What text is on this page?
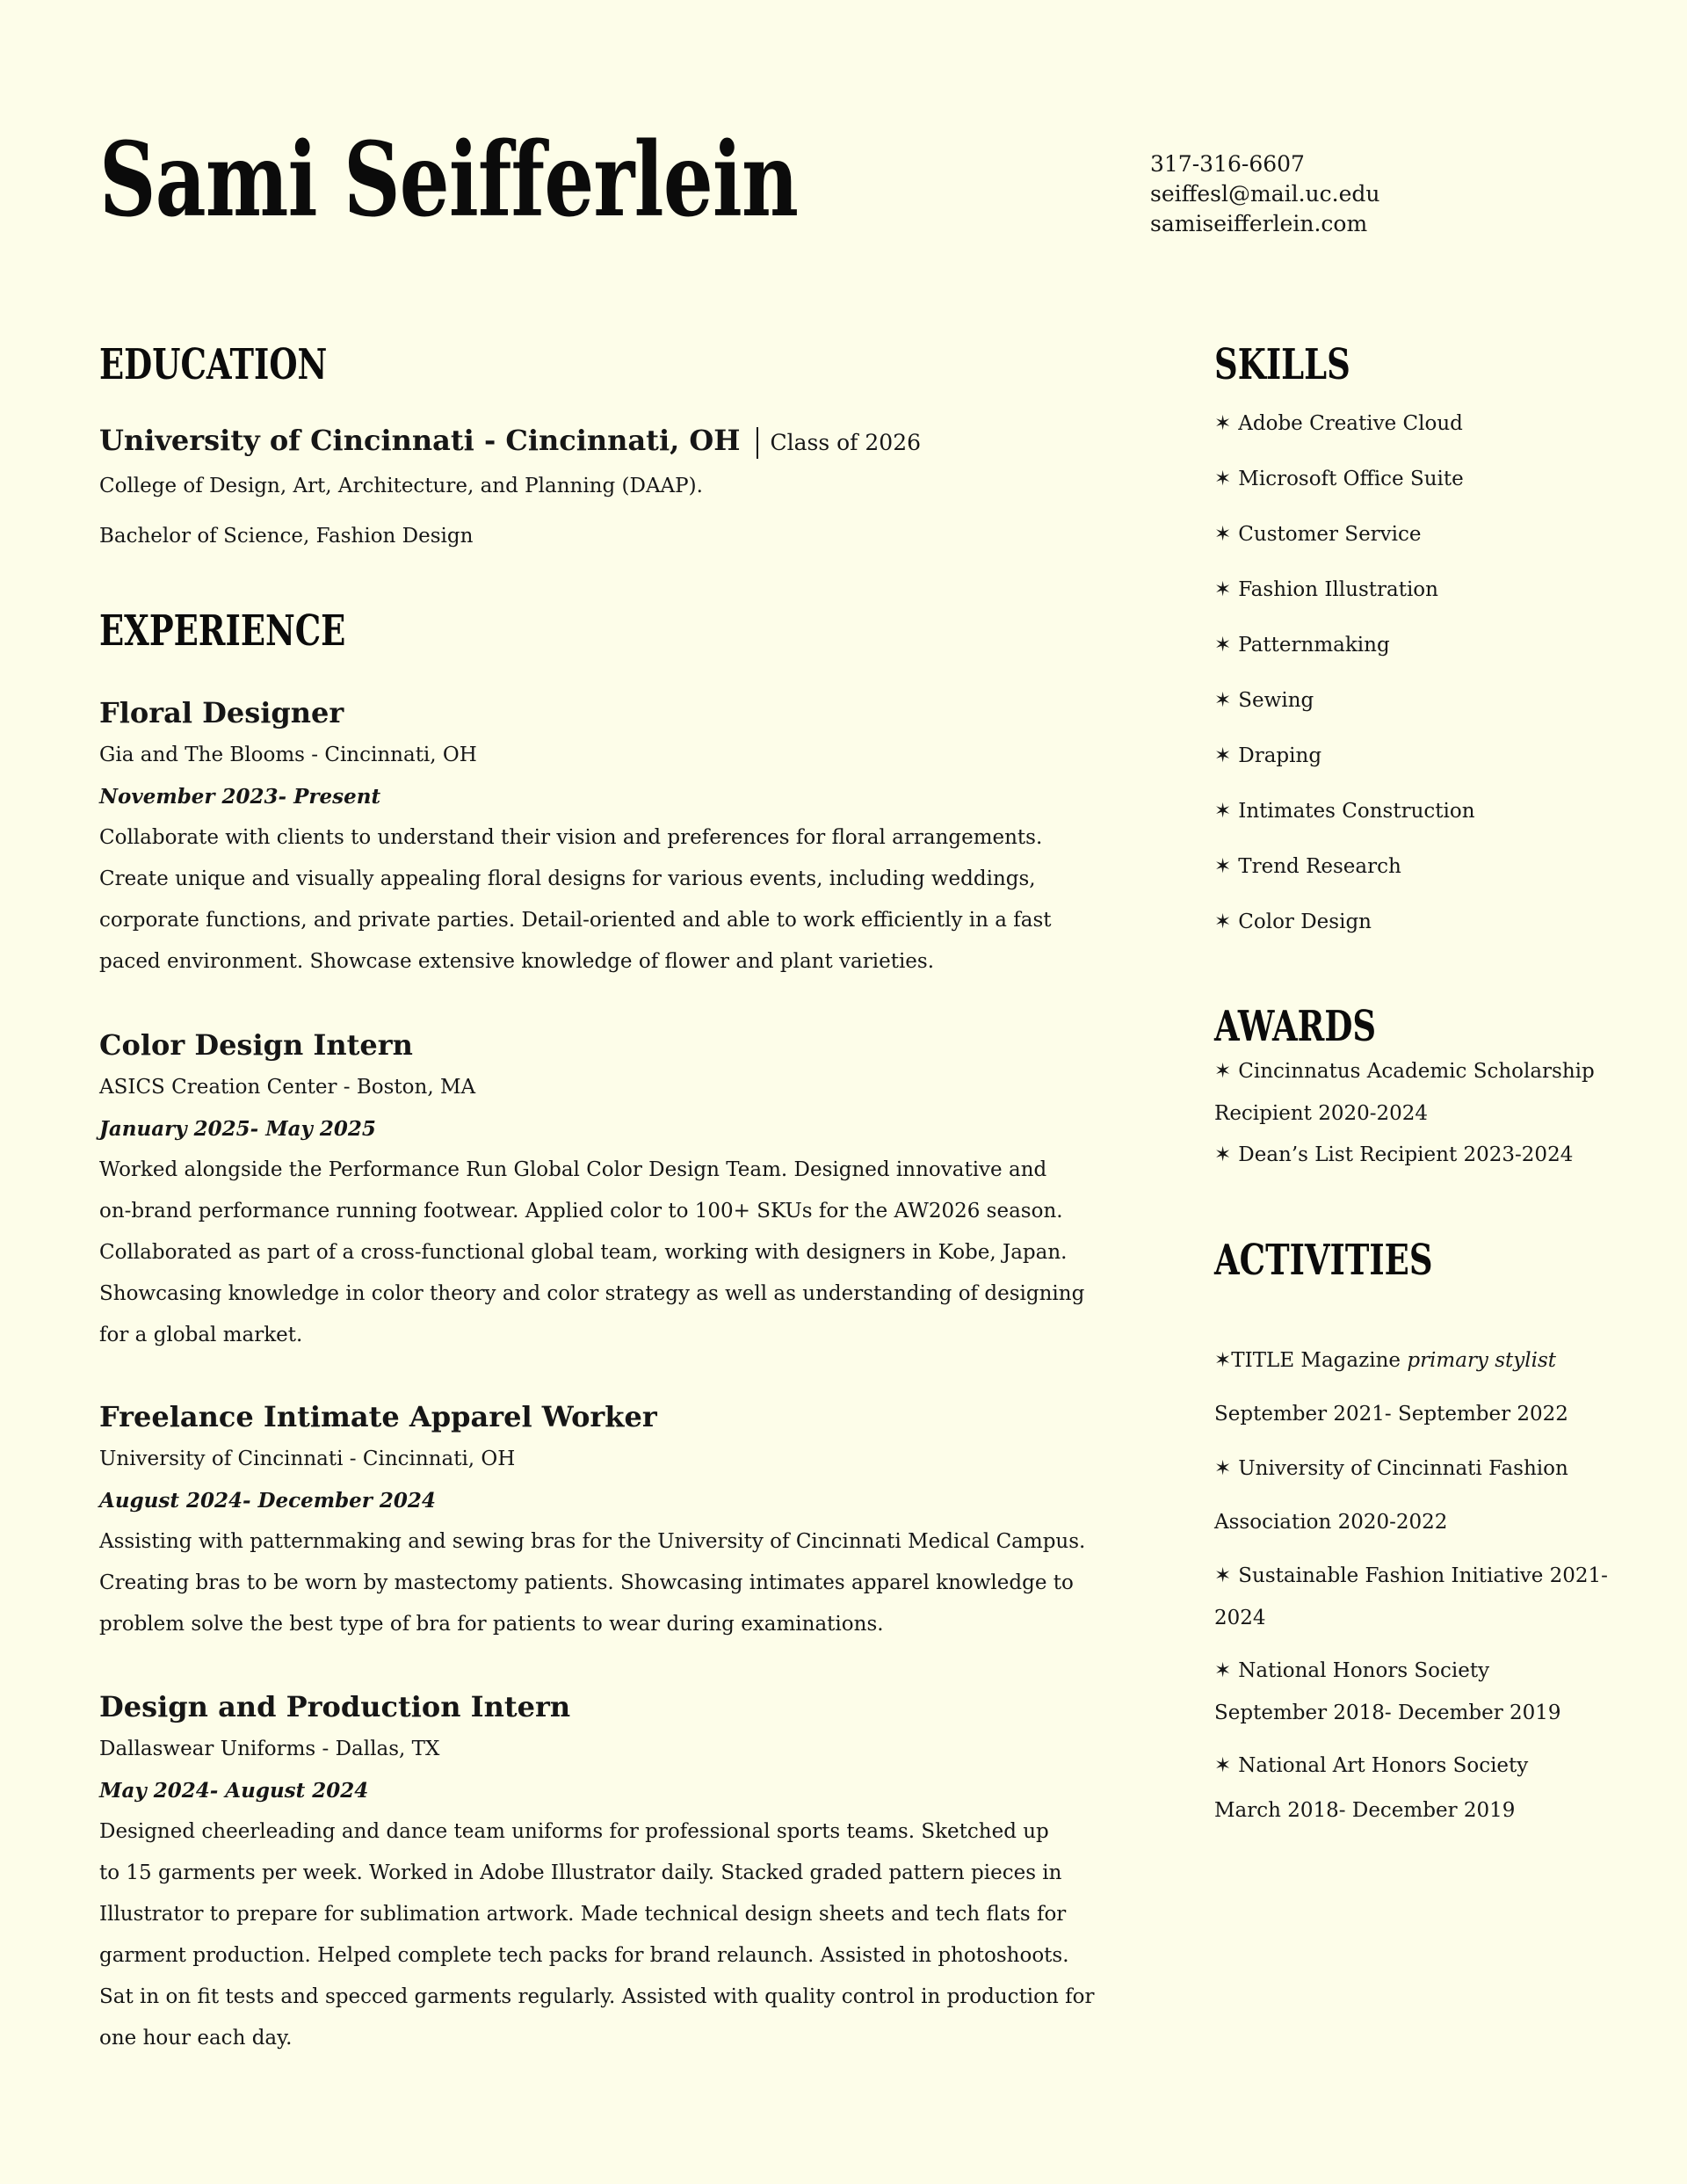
Sami Seifferlein	317-316-6607
seiffesl@mail.uc.edu
samiseifferlein.com
EDUCATION
University of Cincinnati - Cincinnati, OH Class of 2026
College of Design, Art, Architecture, and Planning (DAAP).
Bachelor of Science, Fashion Design
EXPERIENCE
Floral Designer
Gia and The Blooms - Cincinnati, OH
November 2023- Present
Collaborate with clients to understand their vision and preferences for floral arrangements.
Create unique and visually appealing floral designs for various events, including weddings,
corporate functions, and private parties. Detail-oriented and able to work efficiently in a fast
paced environment. Showcase extensive knowledge of flower and plant varieties.
Color Design Intern
ASICS Creation Center - Boston, MA
January 2025- May 2025
Worked alongside the Performance Run Global Color Design Team. Designed innovative and
on-brand performance running footwear. Applied color to 100+ SKUs for the AW2026 season.
Collaborated as part of a cross-functional global team, working with designers in Kobe, Japan.
Showcasing knowledge in color theory and color strategy as well as understanding of designing
for a global market.
Freelance Intimate Apparel Worker
University of Cincinnati - Cincinnati, OH
August 2024- December 2024
Assisting with patternmaking and sewing bras for the University of Cincinnati Medical Campus.
Creating bras to be worn by mastectomy patients. Showcasing intimates apparel knowledge to
problem solve the best type of bra for patients to wear during examinations.
Design and Production Intern
Dallaswear Uniforms - Dallas, TX
May 2024- August 2024
Designed cheerleading and dance team uniforms for professional sports teams. Sketched up
to 15 garments per week. Worked in Adobe Illustrator daily. Stacked graded pattern pieces in
Illustrator to prepare for sublimation artwork. Made technical design sheets and tech flats for
garment production. Helped complete tech packs for brand relaunch. Assisted in photoshoots.
Sat in on fit tests and specced garments regularly. Assisted with quality control in production for
one hour each day.
SKILLS
✶ Adobe Creative Cloud
✶ Microsoft Office Suite
✶ Customer Service
✶ Fashion Illustration
✶ Patternmaking
✶ Sewing
✶ Draping
✶ Intimates Construction
✶ Trend Research
✶ Color Design
AWARDS
✶ Cincinnatus Academic Scholarship
Recipient 2020-2024
✶ Dean’s List Recipient 2023-2024
ACTIVITIES
✶TITLE Magazine primary stylist
September 2021- September 2022
✶ University of Cincinnati Fashion
Association 2020-2022
✶ Sustainable Fashion Initiative 2021-
2024
✶ National Honors Society
September 2018- December 2019
✶ National Art Honors Society
March 2018- December 2019
